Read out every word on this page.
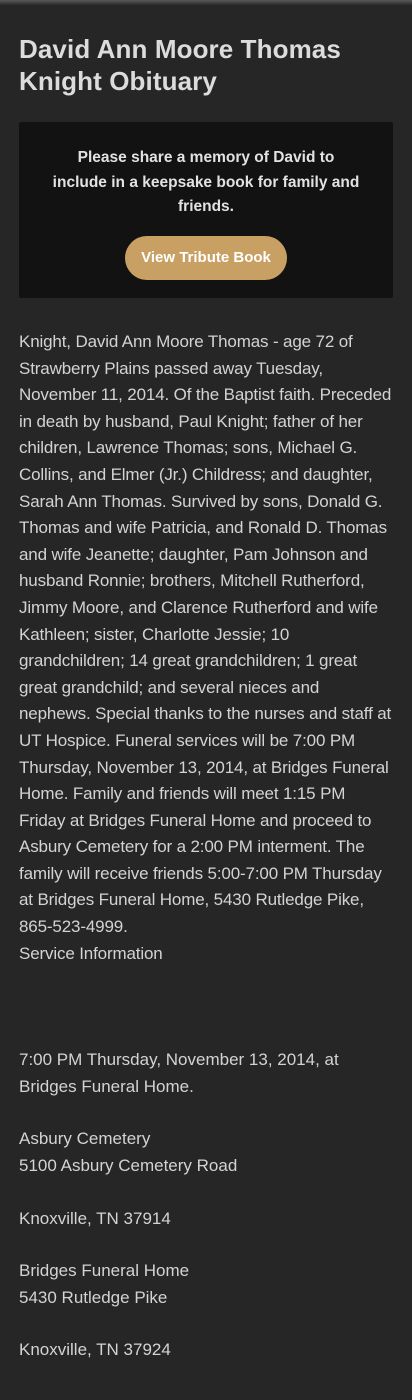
David Ann Moore Thomas Knight Obituary

Please share a memory of David to include in a keepsake book for family and friends.

View Tribute Book

Knight, David Ann Moore Thomas - age 72 of Strawberry Plains passed away Tuesday, November 11, 2014. Of the Baptist faith. Preceded in death by husband, Paul Knight; father of her children, Lawrence Thomas; sons, Michael G. Collins, and Elmer (Jr.) Childress; and daughter, Sarah Ann Thomas. Survived by sons, Donald G. Thomas and wife Patricia, and Ronald D. Thomas and wife Jeanette; daughter, Pam Johnson and husband Ronnie; brothers, Mitchell Rutherford, Jimmy Moore, and Clarence Rutherford and wife Kathleen; sister, Charlotte Jessie; 10 grandchildren; 14 great grandchildren; 1 great great grandchild; and several nieces and nephews. Special thanks to the nurses and staff at UT Hospice. Funeral services will be 7:00 PM Thursday, November 13, 2014, at Bridges Funeral Home. Family and friends will meet 1:15 PM Friday at Bridges Funeral Home and proceed to Asbury Cemetery for a 2:00 PM interment. The family will receive friends 5:00-7:00 PM Thursday at Bridges Funeral Home, 5430 Rutledge Pike, 865-523-4999.

Service Information

7:00 PM Thursday, November 13, 2014, at
Bridges Funeral Home.
Asbury Cemetery
5100 Asbury Cemetery Road
Knoxville, TN 37914
Bridges Funeral Home
5430 Rutledge Pike
Knoxville, TN 37924
